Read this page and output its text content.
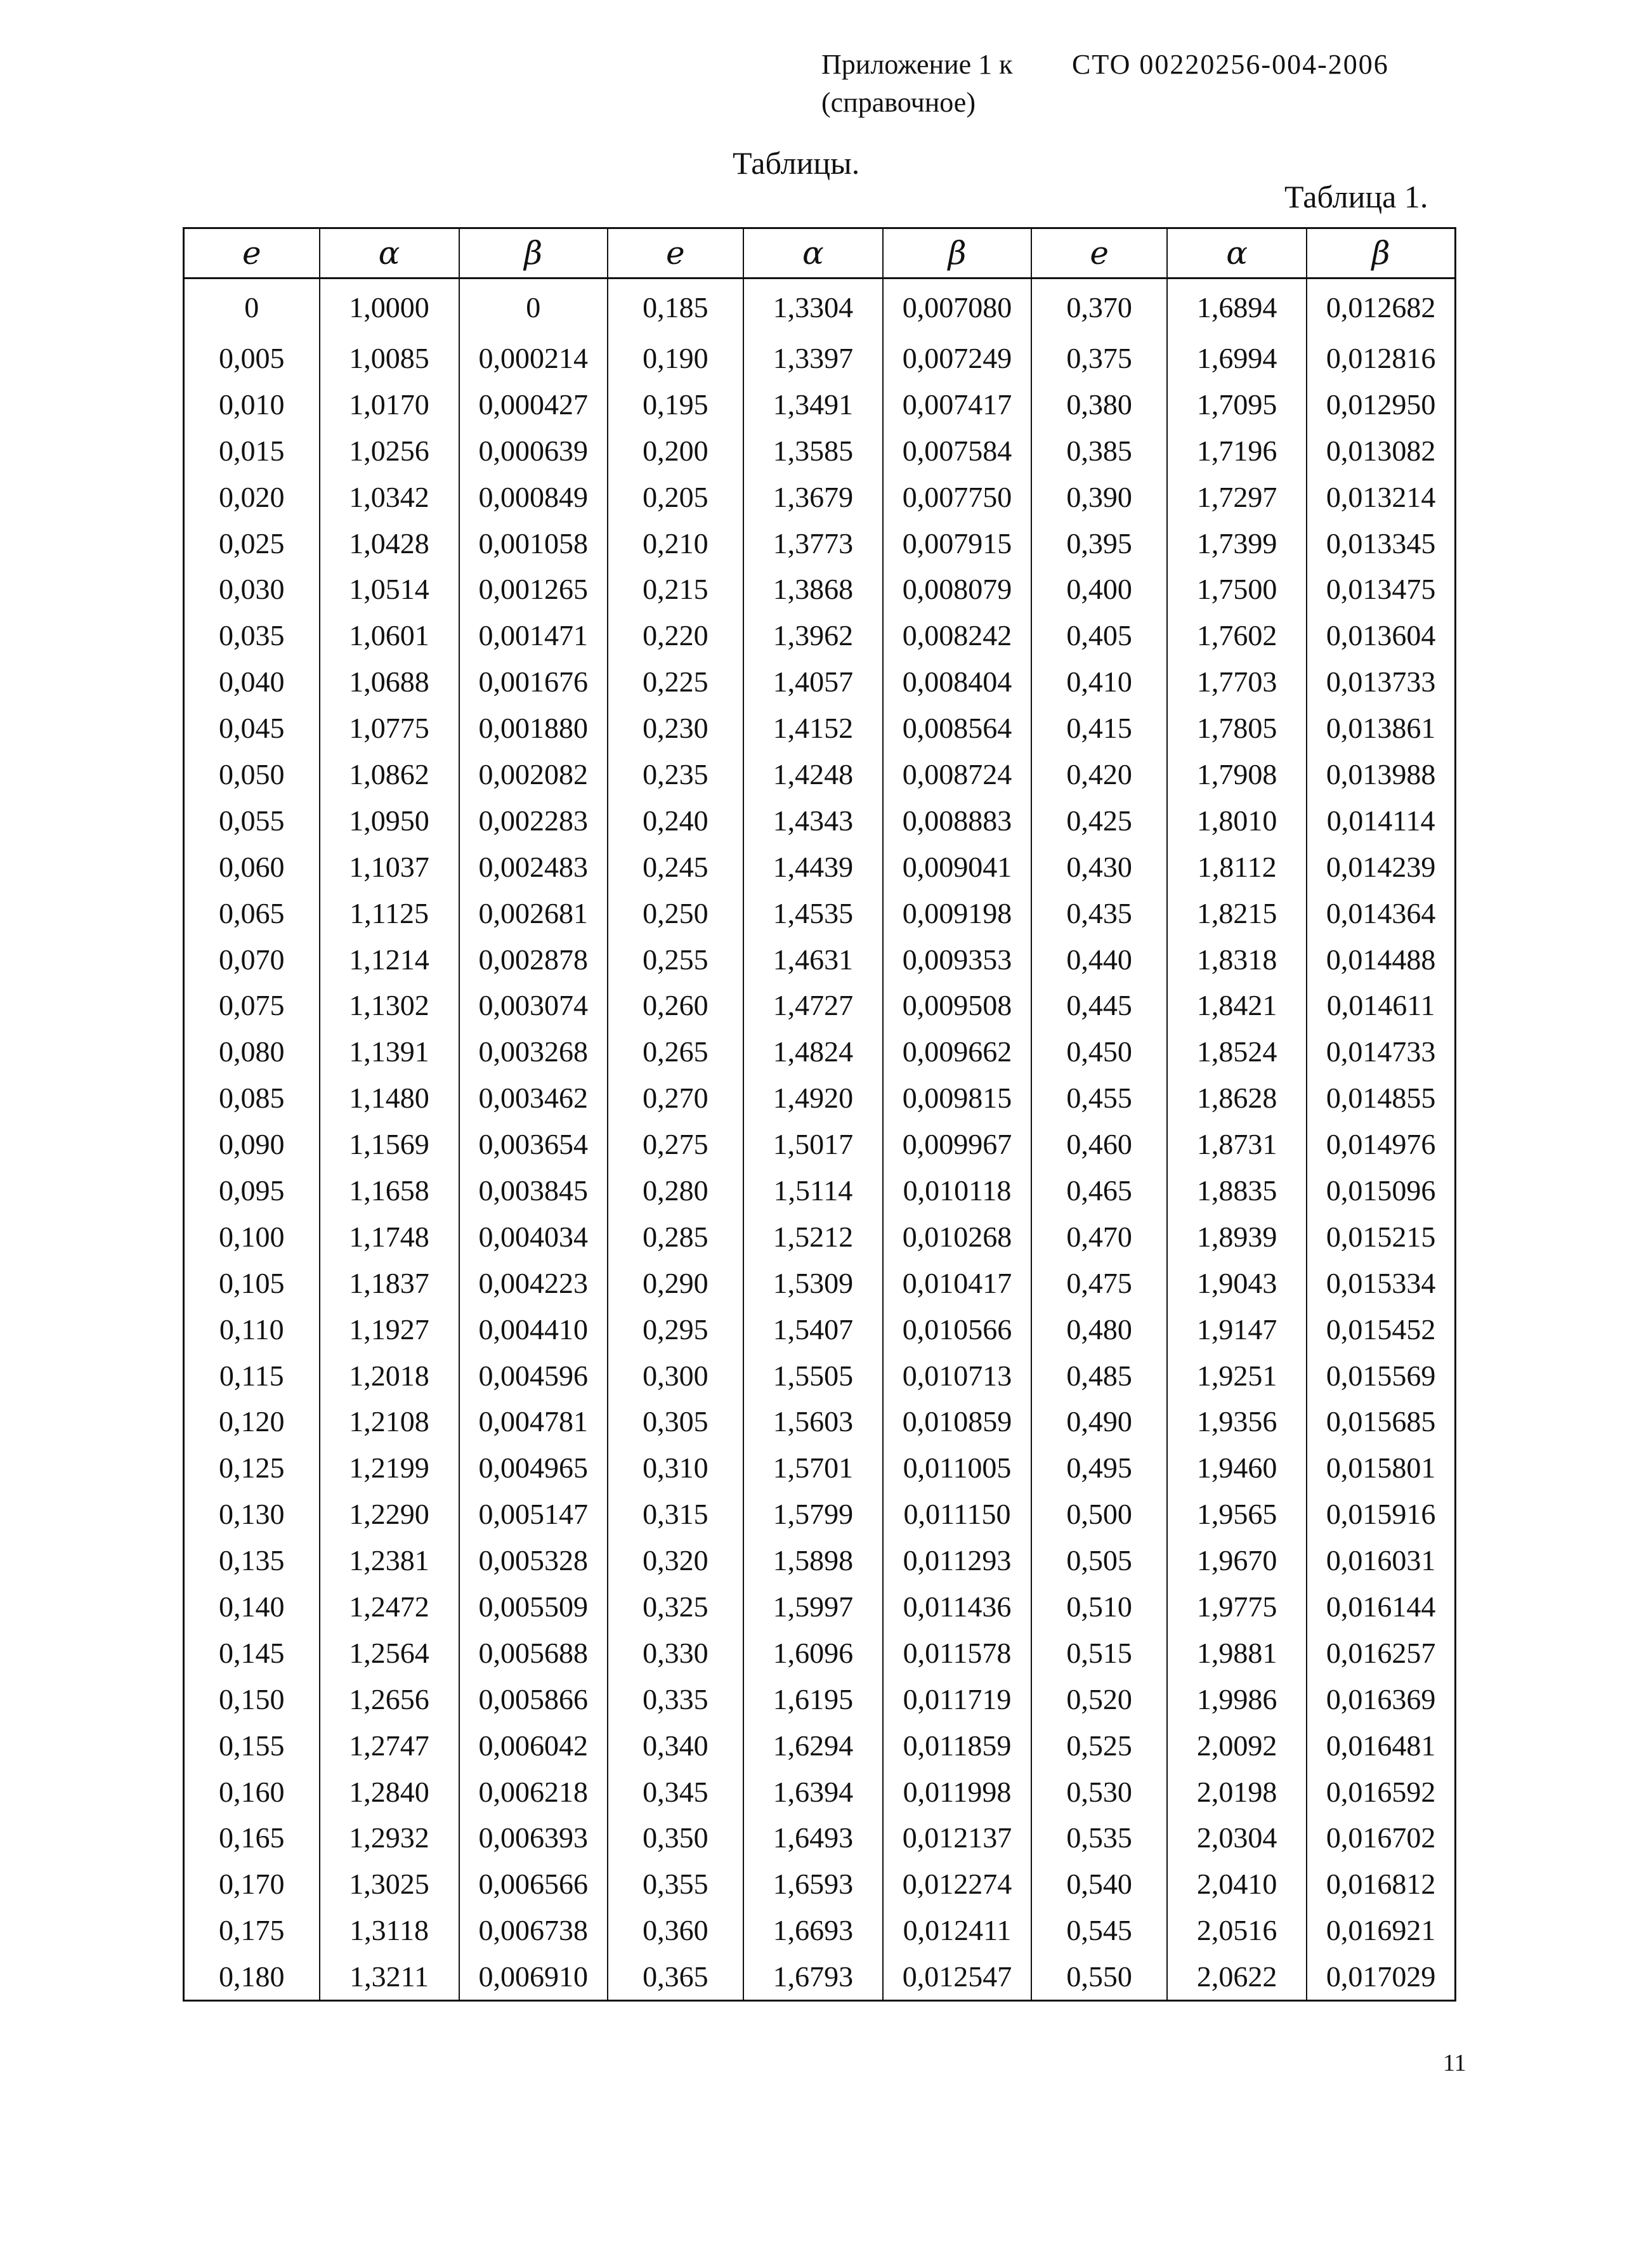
Приложение 1 к СТО 00220256-004-2006
(справочное)
Таблицы.
Таблица 1.
e	α	β	e	α	β	e	α	β
0	1,0000	0	0,185	1,3304	0,007080	0,370	1,6894	0,012682
0,005	1,0085	0,000214	0,190	1,3397	0,007249	0,375	1,6994	0,012816
0,010	1,0170	0,000427	0,195	1,3491	0,007417	0,380	1,7095	0,012950
0,015	1,0256	0,000639	0,200	1,3585	0,007584	0,385	1,7196	0,013082
0,020	1,0342	0,000849	0,205	1,3679	0,007750	0,390	1,7297	0,013214
0,025	1,0428	0,001058	0,210	1,3773	0,007915	0,395	1,7399	0,013345
0,030	1,0514	0,001265	0,215	1,3868	0,008079	0,400	1,7500	0,013475
0,035	1,0601	0,001471	0,220	1,3962	0,008242	0,405	1,7602	0,013604
0,040	1,0688	0,001676	0,225	1,4057	0,008404	0,410	1,7703	0,013733
0,045	1,0775	0,001880	0,230	1,4152	0,008564	0,415	1,7805	0,013861
0,050	1,0862	0,002082	0,235	1,4248	0,008724	0,420	1,7908	0,013988
0,055	1,0950	0,002283	0,240	1,4343	0,008883	0,425	1,8010	0,014114
0,060	1,1037	0,002483	0,245	1,4439	0,009041	0,430	1,8112	0,014239
0,065	1,1125	0,002681	0,250	1,4535	0,009198	0,435	1,8215	0,014364
0,070	1,1214	0,002878	0,255	1,4631	0,009353	0,440	1,8318	0,014488
0,075	1,1302	0,003074	0,260	1,4727	0,009508	0,445	1,8421	0,014611
0,080	1,1391	0,003268	0,265	1,4824	0,009662	0,450	1,8524	0,014733
0,085	1,1480	0,003462	0,270	1,4920	0,009815	0,455	1,8628	0,014855
0,090	1,1569	0,003654	0,275	1,5017	0,009967	0,460	1,8731	0,014976
0,095	1,1658	0,003845	0,280	1,5114	0,010118	0,465	1,8835	0,015096
0,100	1,1748	0,004034	0,285	1,5212	0,010268	0,470	1,8939	0,015215
0,105	1,1837	0,004223	0,290	1,5309	0,010417	0,475	1,9043	0,015334
0,110	1,1927	0,004410	0,295	1,5407	0,010566	0,480	1,9147	0,015452
0,115	1,2018	0,004596	0,300	1,5505	0,010713	0,485	1,9251	0,015569
0,120	1,2108	0,004781	0,305	1,5603	0,010859	0,490	1,9356	0,015685
0,125	1,2199	0,004965	0,310	1,5701	0,011005	0,495	1,9460	0,015801
0,130	1,2290	0,005147	0,315	1,5799	0,011150	0,500	1,9565	0,015916
0,135	1,2381	0,005328	0,320	1,5898	0,011293	0,505	1,9670	0,016031
0,140	1,2472	0,005509	0,325	1,5997	0,011436	0,510	1,9775	0,016144
0,145	1,2564	0,005688	0,330	1,6096	0,011578	0,515	1,9881	0,016257
0,150	1,2656	0,005866	0,335	1,6195	0,011719	0,520	1,9986	0,016369
0,155	1,2747	0,006042	0,340	1,6294	0,011859	0,525	2,0092	0,016481
0,160	1,2840	0,006218	0,345	1,6394	0,011998	0,530	2,0198	0,016592
0,165	1,2932	0,006393	0,350	1,6493	0,012137	0,535	2,0304	0,016702
0,170	1,3025	0,006566	0,355	1,6593	0,012274	0,540	2,0410	0,016812
0,175	1,3118	0,006738	0,360	1,6693	0,012411	0,545	2,0516	0,016921
0,180	1,3211	0,006910	0,365	1,6793	0,012547	0,550	2,0622	0,017029
11
